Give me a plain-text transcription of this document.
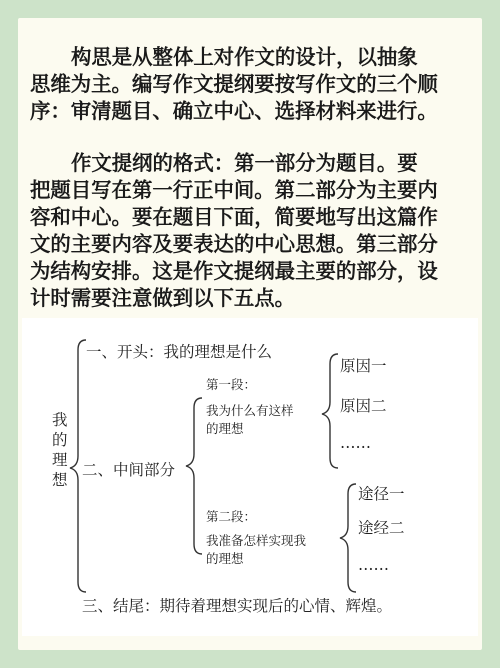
构思是从整体上对作文的设计，以抽象
思维为主。编写作文提纲要按写作文的三个顺
序：审清题目、确立中心、选择材料来进行。
作文提纲的格式：第一部分为题目。要
把题目写在第一行正中间。第二部分为主要内
容和中心。要在题目下面，简要地写出这篇作
文的主要内容及要表达的中心思想。第三部分
为结构安排。这是作文提纲最主要的部分，设
计时需要注意做到以下五点。
我
的
理
想
一、开头：我的理想是什么
二、中间部分
第一段：
我为什么有这样
的理想
原因一
原因二
……
第二段：
我准备怎样实现我
的理想
途径一
途经二
……
三、结尾：期待着理想实现后的心情、辉煌。
